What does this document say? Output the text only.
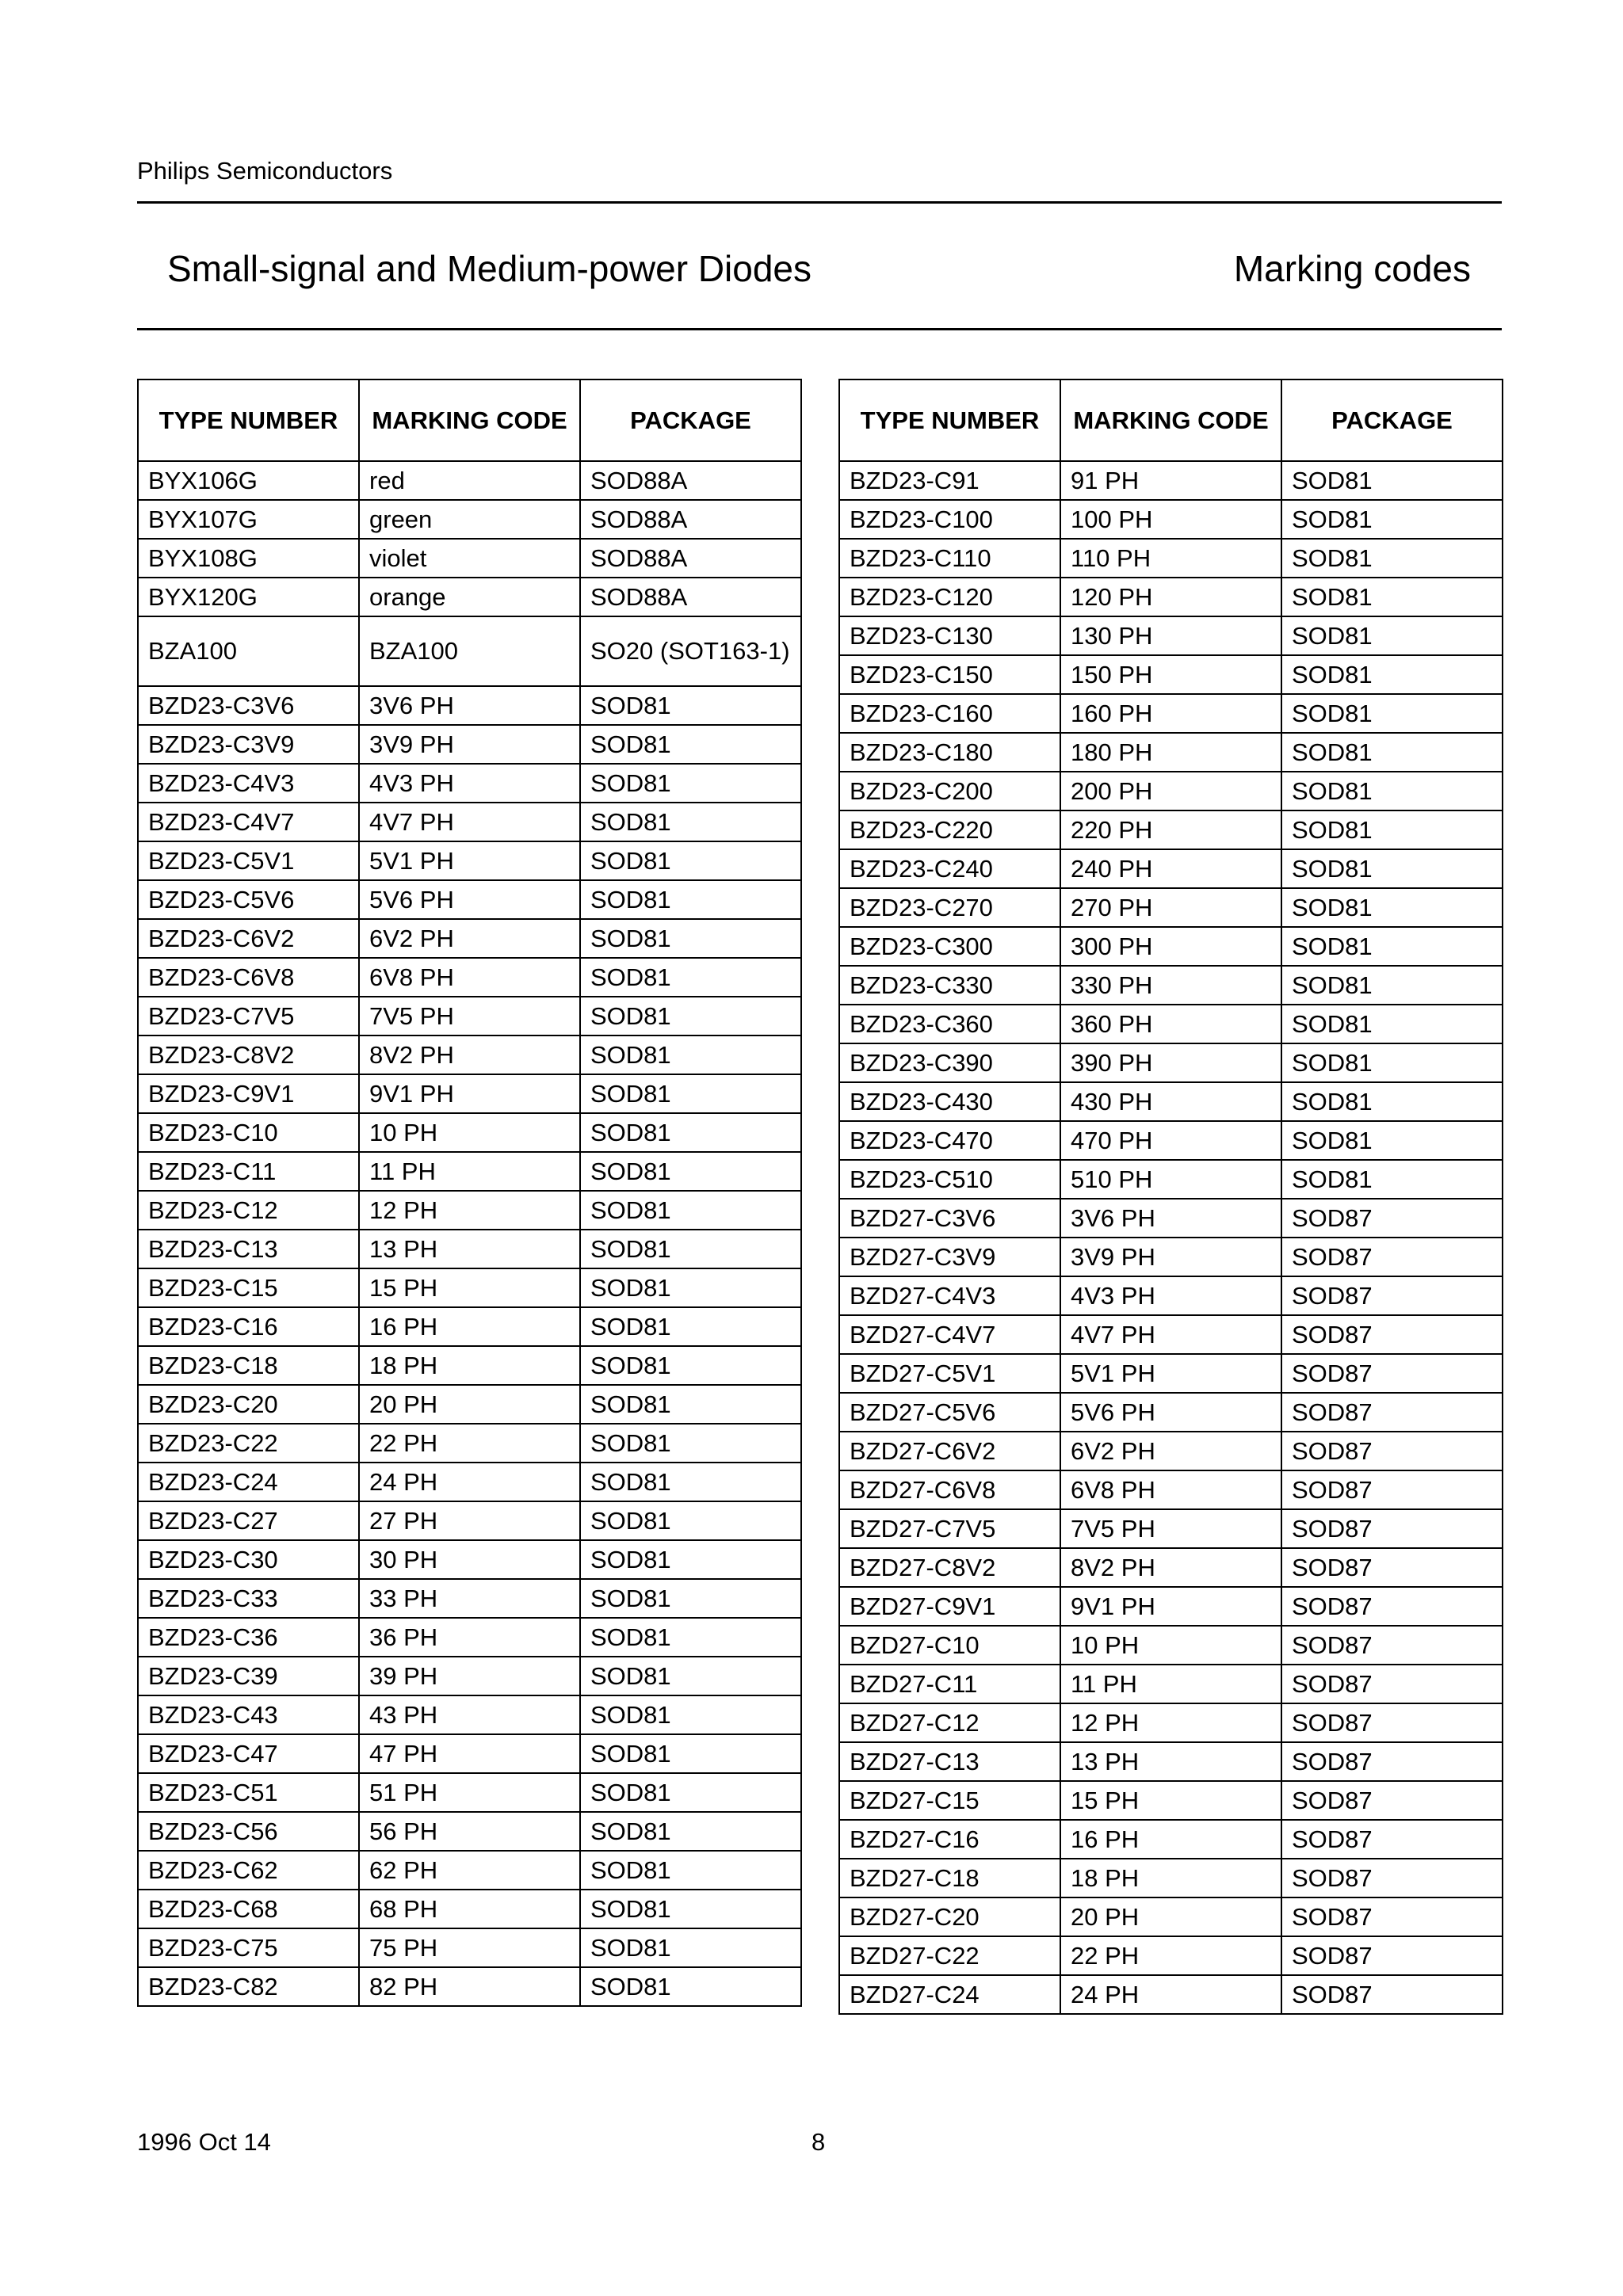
Philips Semiconductors
Small-signal and Medium-power Diodes	Marking codes
TYPE NUMBER	MARKING CODE	PACKAGE
BYX106G	red	SOD88A
BYX107G	green	SOD88A
BYX108G	violet	SOD88A
BYX120G	orange	SOD88A
BZA100	BZA100	SO20 (SOT163-1)
BZD23-C3V6	3V6 PH	SOD81
BZD23-C3V9	3V9 PH	SOD81
BZD23-C4V3	4V3 PH	SOD81
BZD23-C4V7	4V7 PH	SOD81
BZD23-C5V1	5V1 PH	SOD81
BZD23-C5V6	5V6 PH	SOD81
BZD23-C6V2	6V2 PH	SOD81
BZD23-C6V8	6V8 PH	SOD81
BZD23-C7V5	7V5 PH	SOD81
BZD23-C8V2	8V2 PH	SOD81
BZD23-C9V1	9V1 PH	SOD81
BZD23-C10	10 PH	SOD81
BZD23-C11	11 PH	SOD81
BZD23-C12	12 PH	SOD81
BZD23-C13	13 PH	SOD81
BZD23-C15	15 PH	SOD81
BZD23-C16	16 PH	SOD81
BZD23-C18	18 PH	SOD81
BZD23-C20	20 PH	SOD81
BZD23-C22	22 PH	SOD81
BZD23-C24	24 PH	SOD81
BZD23-C27	27 PH	SOD81
BZD23-C30	30 PH	SOD81
BZD23-C33	33 PH	SOD81
BZD23-C36	36 PH	SOD81
BZD23-C39	39 PH	SOD81
BZD23-C43	43 PH	SOD81
BZD23-C47	47 PH	SOD81
BZD23-C51	51 PH	SOD81
BZD23-C56	56 PH	SOD81
BZD23-C62	62 PH	SOD81
BZD23-C68	68 PH	SOD81
BZD23-C75	75 PH	SOD81
BZD23-C82	82 PH	SOD81
TYPE NUMBER	MARKING CODE	PACKAGE
BZD23-C91	91 PH	SOD81
BZD23-C100	100 PH	SOD81
BZD23-C110	110 PH	SOD81
BZD23-C120	120 PH	SOD81
BZD23-C130	130 PH	SOD81
BZD23-C150	150 PH	SOD81
BZD23-C160	160 PH	SOD81
BZD23-C180	180 PH	SOD81
BZD23-C200	200 PH	SOD81
BZD23-C220	220 PH	SOD81
BZD23-C240	240 PH	SOD81
BZD23-C270	270 PH	SOD81
BZD23-C300	300 PH	SOD81
BZD23-C330	330 PH	SOD81
BZD23-C360	360 PH	SOD81
BZD23-C390	390 PH	SOD81
BZD23-C430	430 PH	SOD81
BZD23-C470	470 PH	SOD81
BZD23-C510	510 PH	SOD81
BZD27-C3V6	3V6 PH	SOD87
BZD27-C3V9	3V9 PH	SOD87
BZD27-C4V3	4V3 PH	SOD87
BZD27-C4V7	4V7 PH	SOD87
BZD27-C5V1	5V1 PH	SOD87
BZD27-C5V6	5V6 PH	SOD87
BZD27-C6V2	6V2 PH	SOD87
BZD27-C6V8	6V8 PH	SOD87
BZD27-C7V5	7V5 PH	SOD87
BZD27-C8V2	8V2 PH	SOD87
BZD27-C9V1	9V1 PH	SOD87
BZD27-C10	10 PH	SOD87
BZD27-C11	11 PH	SOD87
BZD27-C12	12 PH	SOD87
BZD27-C13	13 PH	SOD87
BZD27-C15	15 PH	SOD87
BZD27-C16	16 PH	SOD87
BZD27-C18	18 PH	SOD87
BZD27-C20	20 PH	SOD87
BZD27-C22	22 PH	SOD87
BZD27-C24	24 PH	SOD87
1996 Oct 14	8
